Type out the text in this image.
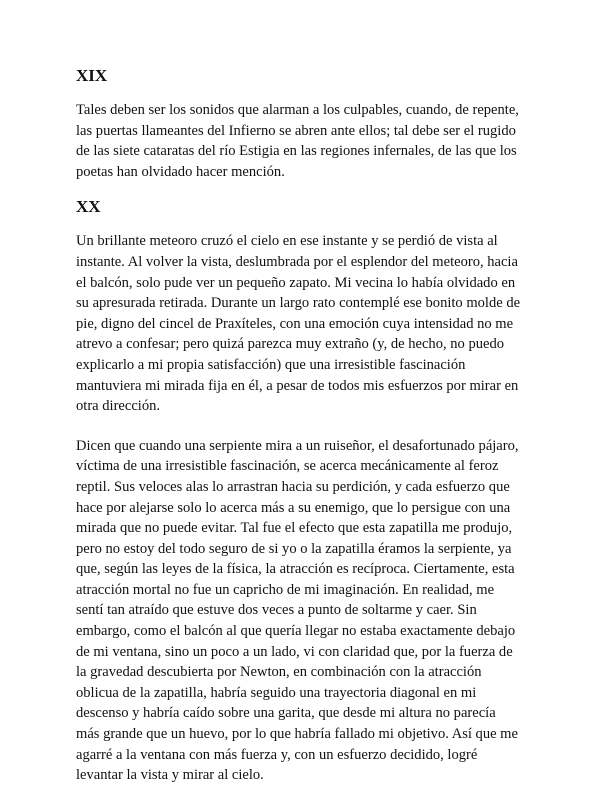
XIX

Tales deben ser los sonidos que alarman a los culpables, cuando, de repente,
las puertas llameantes del Infierno se abren ante ellos; tal debe ser el rugido
de las siete cataratas del río Estigia en las regiones infernales, de las que los
poetas han olvidado hacer mención.

XX

Un brillante meteoro cruzó el cielo en ese instante y se perdió de vista al
instante. Al volver la vista, deslumbrada por el esplendor del meteoro, hacia
el balcón, solo pude ver un pequeño zapato. Mi vecina lo había olvidado en
su apresurada retirada. Durante un largo rato contemplé ese bonito molde de
pie, digno del cincel de Praxíteles, con una emoción cuya intensidad no me
atrevo a confesar; pero quizá parezca muy extraño (y, de hecho, no puedo
explicarlo a mi propia satisfacción) que una irresistible fascinación
mantuviera mi mirada fija en él, a pesar de todos mis esfuerzos por mirar en
otra dirección.

Dicen que cuando una serpiente mira a un ruiseñor, el desafortunado pájaro,
víctima de una irresistible fascinación, se acerca mecánicamente al feroz
reptil. Sus veloces alas lo arrastran hacia su perdición, y cada esfuerzo que
hace por alejarse solo lo acerca más a su enemigo, que lo persigue con una
mirada que no puede evitar. Tal fue el efecto que esta zapatilla me produjo,
pero no estoy del todo seguro de si yo o la zapatilla éramos la serpiente, ya
que, según las leyes de la física, la atracción es recíproca. Ciertamente, esta
atracción mortal no fue un capricho de mi imaginación. En realidad, me
sentí tan atraído que estuve dos veces a punto de soltarme y caer. Sin
embargo, como el balcón al que quería llegar no estaba exactamente debajo
de mi ventana, sino un poco a un lado, vi con claridad que, por la fuerza de
la gravedad descubierta por Newton, en combinación con la atracción
oblicua de la zapatilla, habría seguido una trayectoria diagonal en mi
descenso y habría caído sobre una garita, que desde mi altura no parecía
más grande que un huevo, por lo que habría fallado mi objetivo. Así que me
agarré a la ventana con más fuerza y, con un esfuerzo decidido, logré
levantar la vista y mirar al cielo.
